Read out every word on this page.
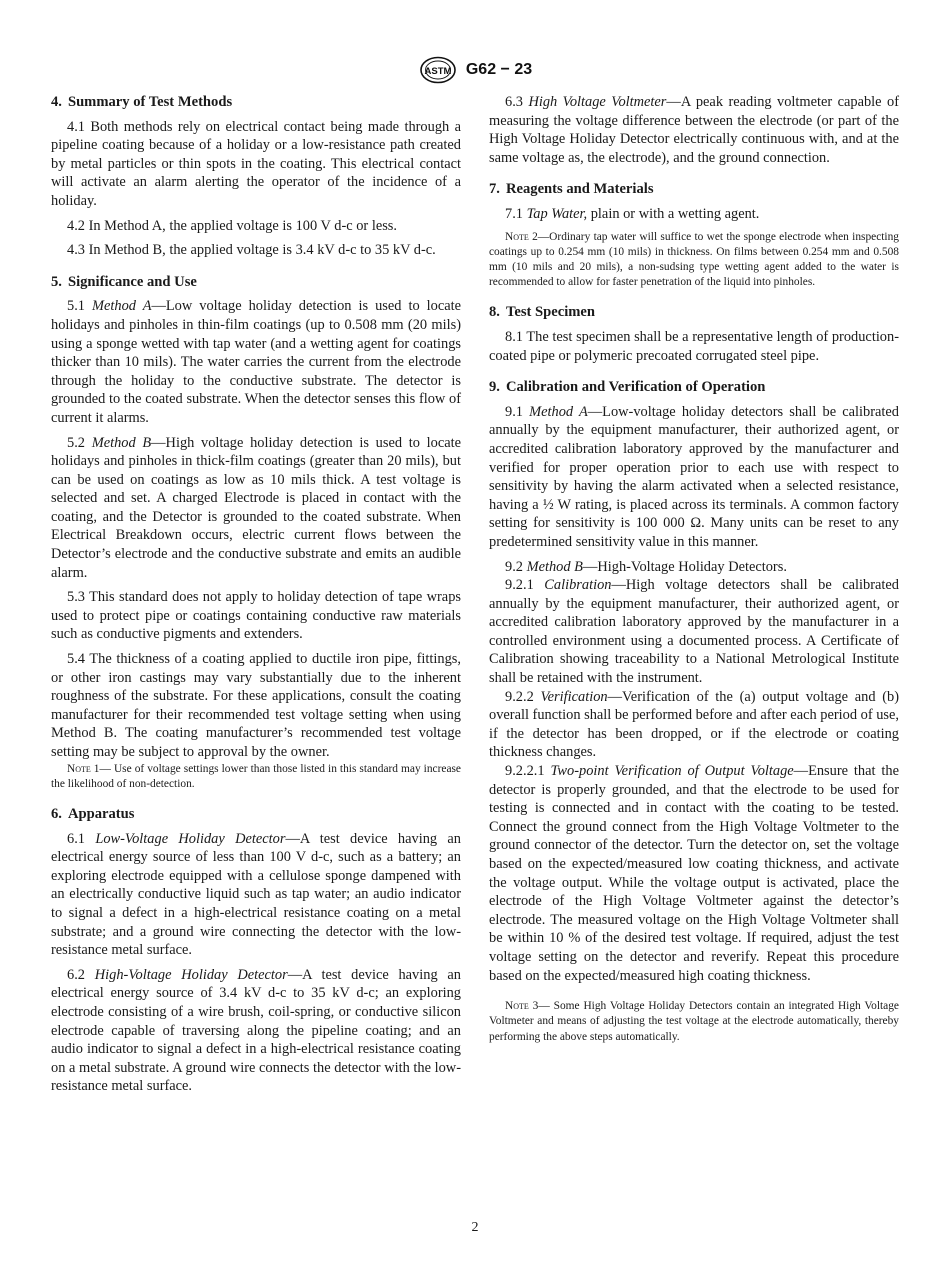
ASTM G62 − 23
4. Summary of Test Methods

4.1 Both methods rely on electrical contact being made through a pipeline coating because of a holiday or a low-resistance path created by metal particles or thin spots in the coating. This electrical contact will activate an alarm alerting the operator of the incidence of a holiday.

4.2 In Method A, the applied voltage is 100 V d-c or less.

4.3 In Method B, the applied voltage is 3.4 kV d-c to 35 kV d-c.

5. Significance and Use

5.1 Method A—Low voltage holiday detection is used to locate holidays and pinholes in thin-film coatings (up to 0.508 mm (20 mils) using a sponge wetted with tap water (and a wetting agent for coatings thicker than 10 mils). The water carries the current from the electrode through the holiday to the conductive substrate. The detector is grounded to the coated substrate. When the detector senses this flow of current it alarms.

5.2 Method B—High voltage holiday detection is used to locate holidays and pinholes in thick-film coatings (greater than 20 mils), but can be used on coatings as low as 10 mils thick. A test voltage is selected and set. A charged Electrode is placed in contact with the coating, and the Detector is grounded to the coated substrate. When Electrical Breakdown occurs, electric current flows between the Detector’s electrode and the conductive substrate and emits an audible alarm.

5.3 This standard does not apply to holiday detection of tape wraps used to protect pipe or coatings containing conductive raw materials such as conductive pigments and extenders.

5.4 The thickness of a coating applied to ductile iron pipe, fittings, or other iron castings may vary substantially due to the inherent roughness of the substrate. For these applications, consult the coating manufacturer for their recommended test voltage setting when using Method B. The coating manufacturer’s recommended test voltage setting may be subject to approval by the owner.

Note 1— Use of voltage settings lower than those listed in this standard may increase the likelihood of non-detection.

6. Apparatus

6.1 Low-Voltage Holiday Detector—A test device having an electrical energy source of less than 100 V d-c, such as a battery; an exploring electrode equipped with a cellulose sponge dampened with an electrically conductive liquid such as tap water; an audio indicator to signal a defect in a high-electrical resistance coating on a metal substrate; and a ground wire connecting the detector with the low-resistance metal surface.

6.2 High-Voltage Holiday Detector—A test device having an electrical energy source of 3.4 kV d-c to 35 kV d-c; an exploring electrode consisting of a wire brush, coil-spring, or conductive silicon electrode capable of traversing along the pipeline coating; and an audio indicator to signal a defect in a high-electrical resistance coating on a metal substrate. A ground wire connects the detector with the low-resistance metal surface.

6.3 High Voltage Voltmeter—A peak reading voltmeter capable of measuring the voltage difference between the electrode (or part of the High Voltage Holiday Detector electrically continuous with, and at the same voltage as, the electrode), and the ground connection.

7. Reagents and Materials

7.1 Tap Water, plain or with a wetting agent.

Note 2—Ordinary tap water will suffice to wet the sponge electrode when inspecting coatings up to 0.254 mm (10 mils) in thickness. On films between 0.254 mm and 0.508 mm (10 mils and 20 mils), a non-sudsing type wetting agent added to the water is recommended to allow for faster penetration of the liquid into pinholes.

8. Test Specimen

8.1 The test specimen shall be a representative length of production-coated pipe or polymeric precoated corrugated steel pipe.

9. Calibration and Verification of Operation

9.1 Method A—Low-voltage holiday detectors shall be calibrated annually by the equipment manufacturer, their authorized agent, or accredited calibration laboratory approved by the manufacturer and verified for proper operation prior to each use with respect to sensitivity by having the alarm activated when a selected resistance, having a ½ W rating, is placed across its terminals. A common factory setting for sensitivity is 100 000 Ω. Many units can be reset to any predetermined sensitivity value in this manner.

9.2 Method B—High-Voltage Holiday Detectors.

9.2.1 Calibration—High voltage detectors shall be calibrated annually by the equipment manufacturer, their authorized agent, or accredited calibration laboratory approved by the manufacturer in a controlled environment using a documented process. A Certificate of Calibration showing traceability to a National Metrological Institute shall be retained with the instrument.

9.2.2 Verification—Verification of the (a) output voltage and (b) overall function shall be performed before and after each period of use, if the detector has been dropped, or if the electrode or coating thickness changes.

9.2.2.1 Two-point Verification of Output Voltage—Ensure that the detector is properly grounded, and that the electrode to be used for testing is connected and in contact with the coating to be tested. Connect the ground connect from the High Voltage Voltmeter to the ground connector of the detector. Turn the detector on, set the voltage based on the expected/measured low coating thickness, and activate the voltage output. While the voltage output is activated, place the electrode of the High Voltage Voltmeter against the detector’s electrode. The measured voltage on the High Voltage Voltmeter shall be within 10 % of the desired test voltage. If required, adjust the test voltage setting on the detector and reverify. Repeat this procedure based on the expected/measured high coating thickness.

Note 3— Some High Voltage Holiday Detectors contain an integrated High Voltage Voltmeter and means of adjusting the test voltage at the electrode automatically, thereby performing the above steps automatically.

2
